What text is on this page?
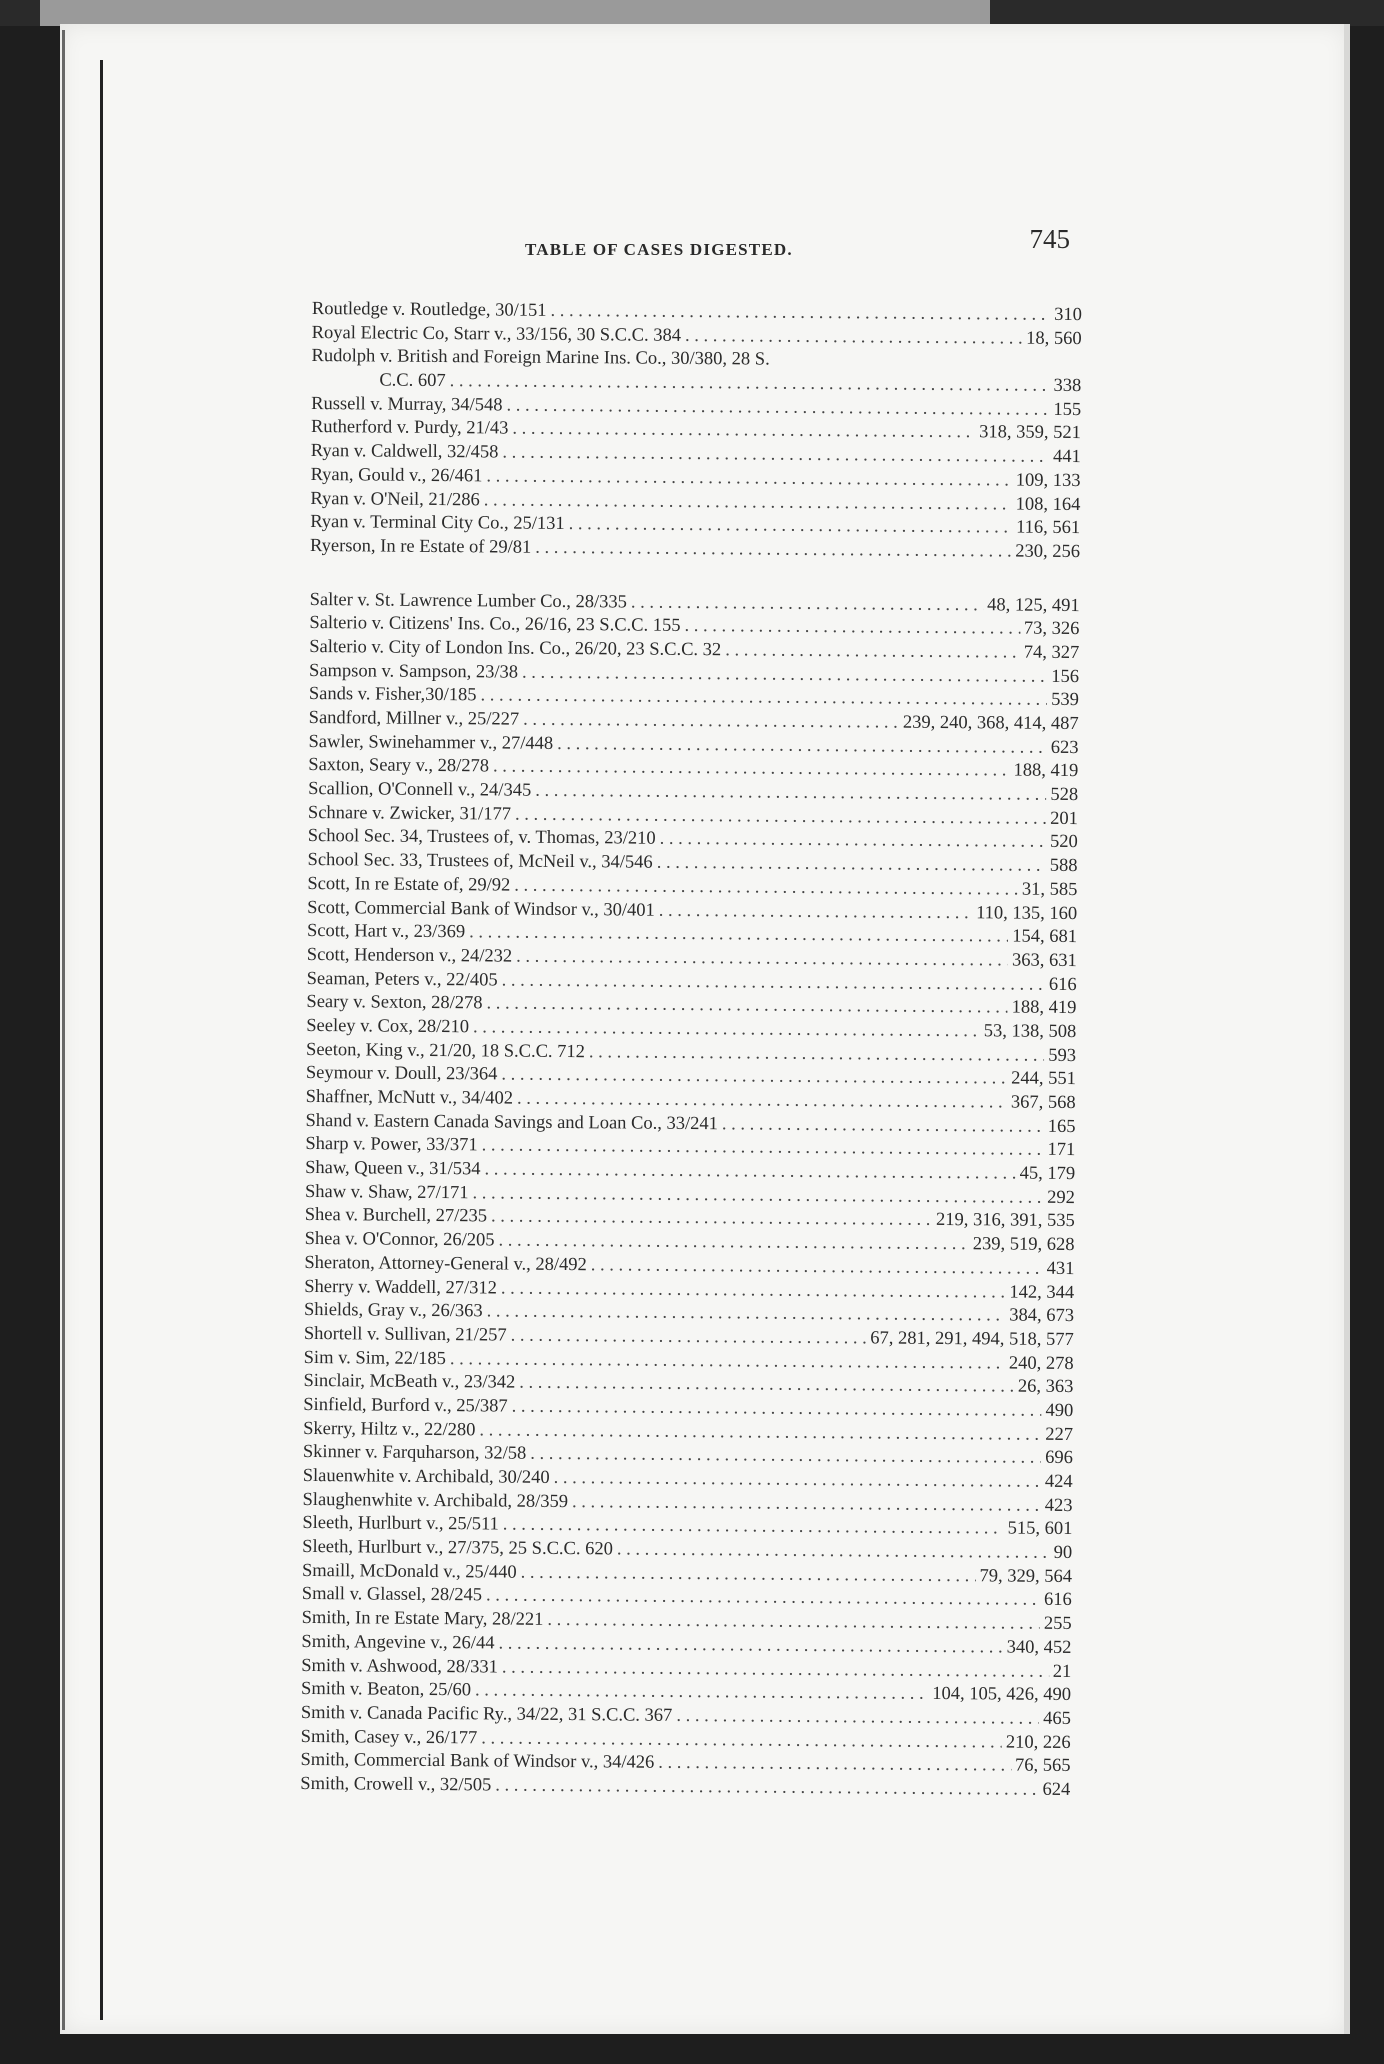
TABLE OF CASES DIGESTED.	745
Routledge v. Routledge, 30/151 . . .	310
Royal Electric Co, Starr v., 33/156, 30 S.C.C. 384 . . .	18, 560
Rudolph v. British and Foreign Marine Ins. Co., 30/380, 28 S.
C.C. 607 . . .	338
Russell v. Murray, 34/548 . . .	155
Rutherford v. Purdy, 21/43 . . .	318, 359, 521
Ryan v. Caldwell, 32/458 . . .	441
Ryan, Gould v., 26/461 . . .	109, 133
Ryan v. O'Neil, 21/286 . . .	108, 164
Ryan v. Terminal City Co., 25/131 . . .	116, 561
Ryerson, In re Estate of 29/81 . . .	230, 256
Salter v. St. Lawrence Lumber Co., 28/335 . . .	48, 125, 491
Salterio v. Citizens' Ins. Co., 26/16, 23 S.C.C. 155 . . .	73, 326
Salterio v. City of London Ins. Co., 26/20, 23 S.C.C. 32 . . .	74, 327
Sampson v. Sampson, 23/38 . . .	156
Sands v. Fisher,30/185 . . .	539
Sandford, Millner v., 25/227 . . .	239, 240, 368, 414, 487
Sawler, Swinehammer v., 27/448 . . .	623
Saxton, Seary v., 28/278 . . .	188, 419
Scallion, O'Connell v., 24/345 . . .	528
Schnare v. Zwicker, 31/177 . . .	201
School Sec. 34, Trustees of, v. Thomas, 23/210 . . .	520
School Sec. 33, Trustees of, McNeil v., 34/546 . . .	588
Scott, In re Estate of, 29/92 . . .	31, 585
Scott, Commercial Bank of Windsor v., 30/401 . . .	110, 135, 160
Scott, Hart v., 23/369 . . .	154, 681
Scott, Henderson v., 24/232 . . .	363, 631
Seaman, Peters v., 22/405 . . .	616
Seary v. Sexton, 28/278 . . .	188, 419
Seeley v. Cox, 28/210 . . .	53, 138, 508
Seeton, King v., 21/20, 18 S.C.C. 712 . . .	593
Seymour v. Doull, 23/364 . . .	244, 551
Shaffner, McNutt v., 34/402 . . .	367, 568
Shand v. Eastern Canada Savings and Loan Co., 33/241 . . .	165
Sharp v. Power, 33/371 . . .	171
Shaw, Queen v., 31/534 . . .	45, 179
Shaw v. Shaw, 27/171 . . .	292
Shea v. Burchell, 27/235 . . .	219, 316, 391, 535
Shea v. O'Connor, 26/205 . . .	239, 519, 628
Sheraton, Attorney-General v., 28/492 . . .	431
Sherry v. Waddell, 27/312 . . .	142, 344
Shields, Gray v., 26/363 . . .	384, 673
Shortell v. Sullivan, 21/257 . . .	67, 281, 291, 494, 518, 577
Sim v. Sim, 22/185 . . .	240, 278
Sinclair, McBeath v., 23/342 . . .	26, 363
Sinfield, Burford v., 25/387 . . .	490
Skerry, Hiltz v., 22/280 . . .	227
Skinner v. Farquharson, 32/58 . . .	696
Slauenwhite v. Archibald, 30/240 . . .	424
Slaughenwhite v. Archibald, 28/359 . . .	423
Sleeth, Hurlburt v., 25/511 . . .	515, 601
Sleeth, Hurlburt v., 27/375, 25 S.C.C. 620 . . .	90
Smaill, McDonald v., 25/440 . . .	79, 329, 564
Small v. Glassel, 28/245 . . .	616
Smith, In re Estate Mary, 28/221 . . .	255
Smith, Angevine v., 26/44 . . .	340, 452
Smith v. Ashwood, 28/331 . . .	21
Smith v. Beaton, 25/60 . . .	104, 105, 426, 490
Smith v. Canada Pacific Ry., 34/22, 31 S.C.C. 367 . . .	465
Smith, Casey v., 26/177 . . .	210, 226
Smith, Commercial Bank of Windsor v., 34/426 . . .	76, 565
Smith, Crowell v., 32/505 . . .	624
